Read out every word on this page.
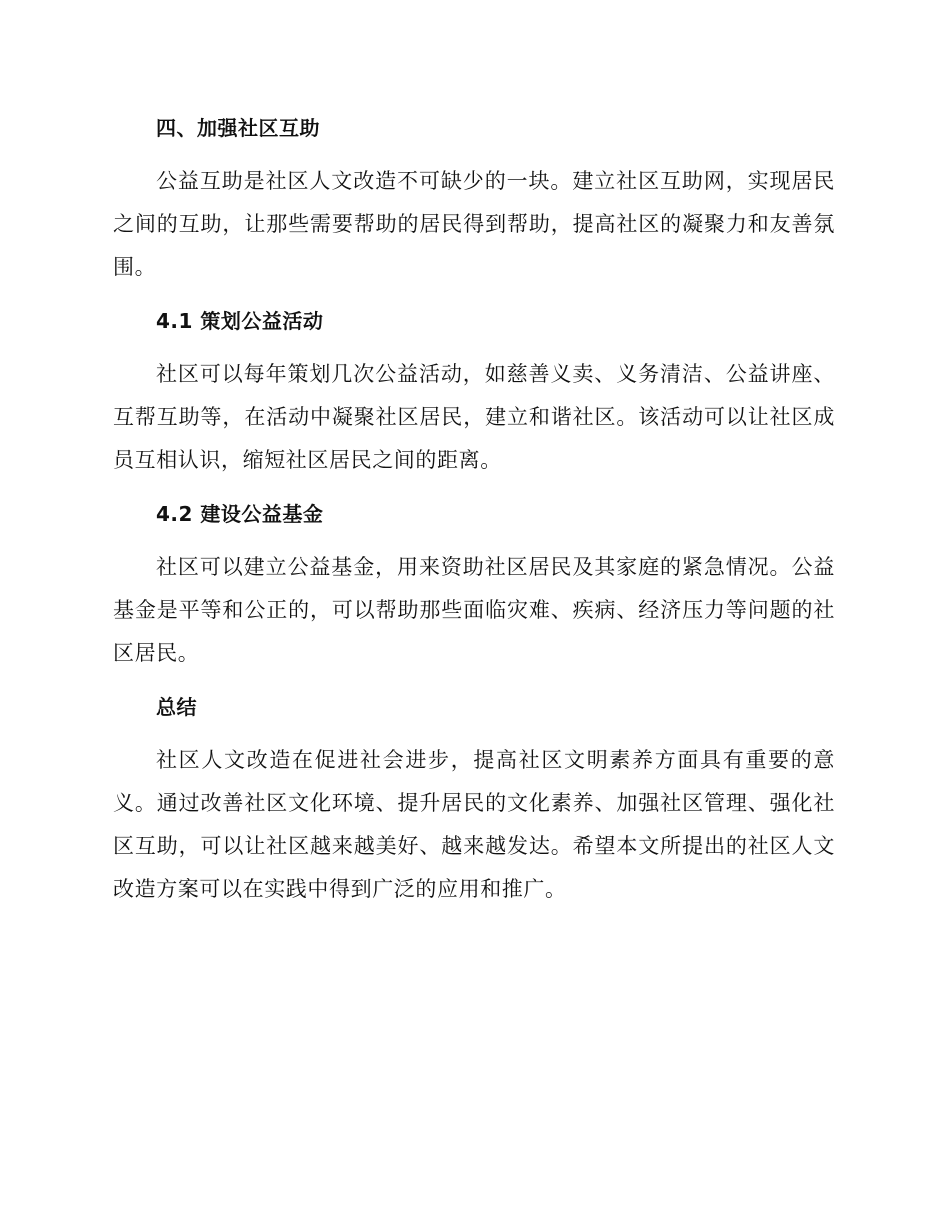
四、加强社区互助

公益互助是社区人文改造不可缺少的一块。建立社区互助网，实现居民之间的互助，让那些需要帮助的居民得到帮助，提高社区的凝聚力和友善氛围。

4.1 策划公益活动

社区可以每年策划几次公益活动，如慈善义卖、义务清洁、公益讲座、互帮互助等，在活动中凝聚社区居民，建立和谐社区。该活动可以让社区成员互相认识，缩短社区居民之间的距离。

4.2 建设公益基金

社区可以建立公益基金，用来资助社区居民及其家庭的紧急情况。公益基金是平等和公正的，可以帮助那些面临灾难、疾病、经济压力等问题的社区居民。

总结

社区人文改造在促进社会进步，提高社区文明素养方面具有重要的意义。通过改善社区文化环境、提升居民的文化素养、加强社区管理、强化社区互助，可以让社区越来越美好、越来越发达。希望本文所提出的社区人文改造方案可以在实践中得到广泛的应用和推广。
